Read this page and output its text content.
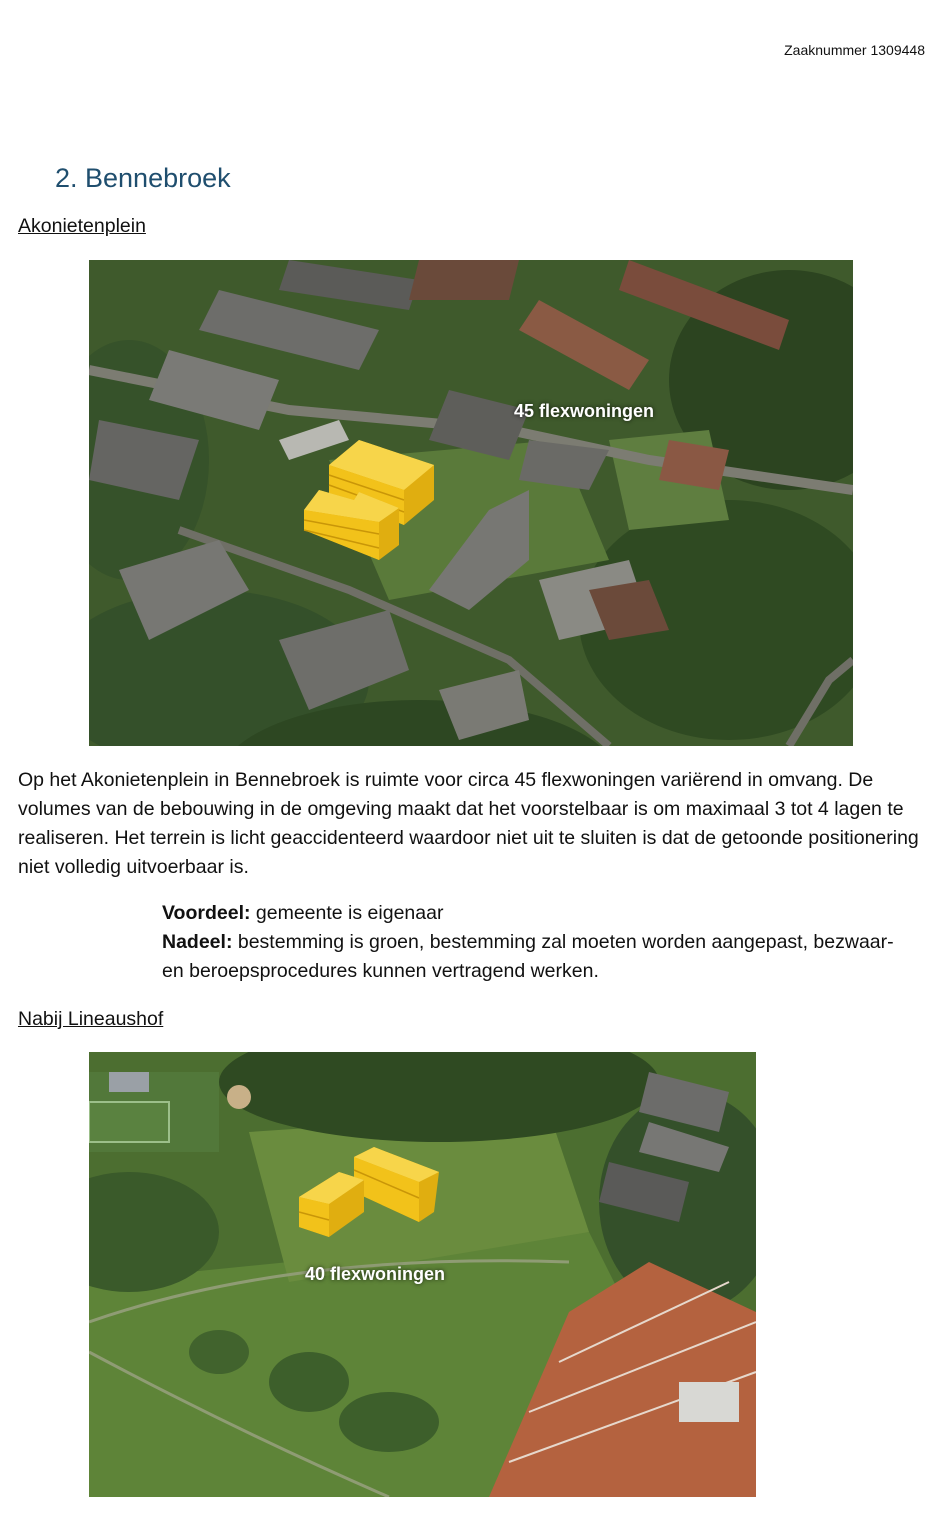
Zaaknummer 1309448
2. Bennebroek
Akonietenplein
45 flexwoningen

Op het Akonietenplein in Bennebroek is ruimte voor circa 45 flexwoningen variërend in omvang. De volumes van de bebouwing in de omgeving maakt dat het voorstelbaar is om maximaal 3 tot 4 lagen te realiseren. Het terrein is licht geaccidenteerd waardoor niet uit te sluiten is dat de getoonde positionering niet volledig uitvoerbaar is.

Voordeel: gemeente is eigenaar
Nadeel: bestemming is groen, bestemming zal moeten worden aangepast, bezwaar- en beroepsprocedures kunnen vertragend werken.
Nabij Lineaushof
40 flexwoningen
